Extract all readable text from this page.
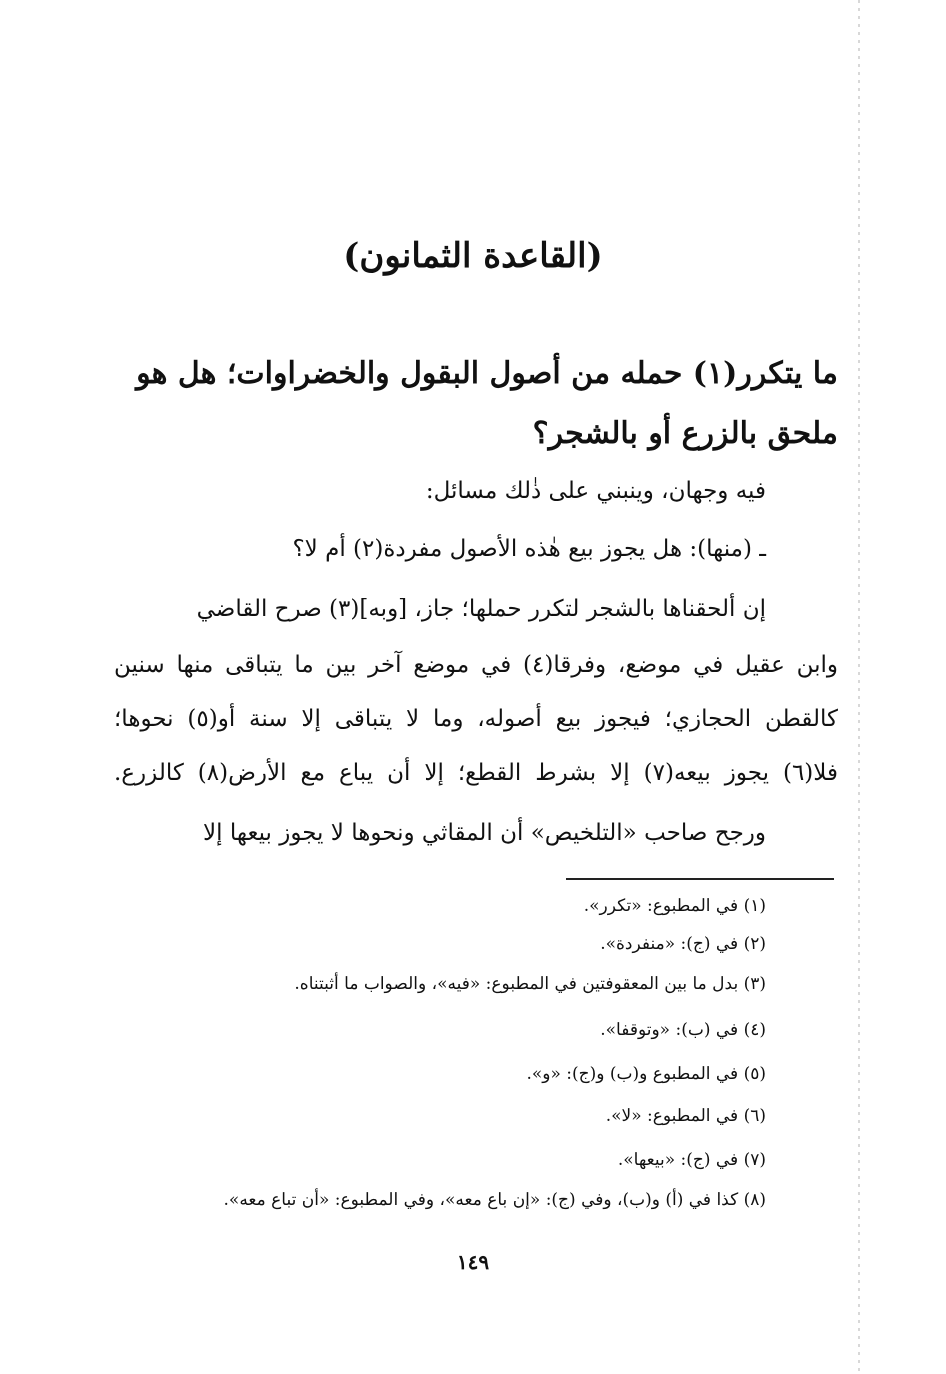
(القاعدة الثمانون)
ما يتكرر(١) حمله من أصول البقول والخضراوات؛ هل هو ملحق بالزرع أو بالشجر؟
فيه وجهان، وينبني على ذٰلك مسائل:
ـ (منها): هل يجوز بيع هٰذه الأصول مفردة(٢) أم لا؟
إن ألحقناها بالشجر لتكرر حملها؛ جاز، [وبه](٣) صرح القاضي
وابن عقيل في موضع، وفرقا(٤) في موضع آخر بين ما يتباقى منها سنين
كالقطن الحجازي؛ فيجوز بيع أصوله، وما لا يتباقى إلا سنة أو(٥) نحوها؛
فلا(٦) يجوز بيعه(٧) إلا بشرط القطع؛ إلا أن يباع مع الأرض(٨) كالزرع.
ورجح صاحب «التلخيص» أن المقاثي ونحوها لا يجوز بيعها إلا
(١) في المطبوع: «تكرر».
(٢) في (ج): «منفردة».
(٣) بدل ما بين المعقوفتين في المطبوع: «فيه»، والصواب ما أثبتناه.
(٤) في (ب): «وتوقفا».
(٥) في المطبوع و(ب) و(ج): «و».
(٦) في المطبوع: «لا».
(٧) في (ج): «بيعها».
(٨) كذا في (أ) و(ب)، وفي (ج): «إن باع معه»، وفي المطبوع: «أن تباع معه».
١٤٩
